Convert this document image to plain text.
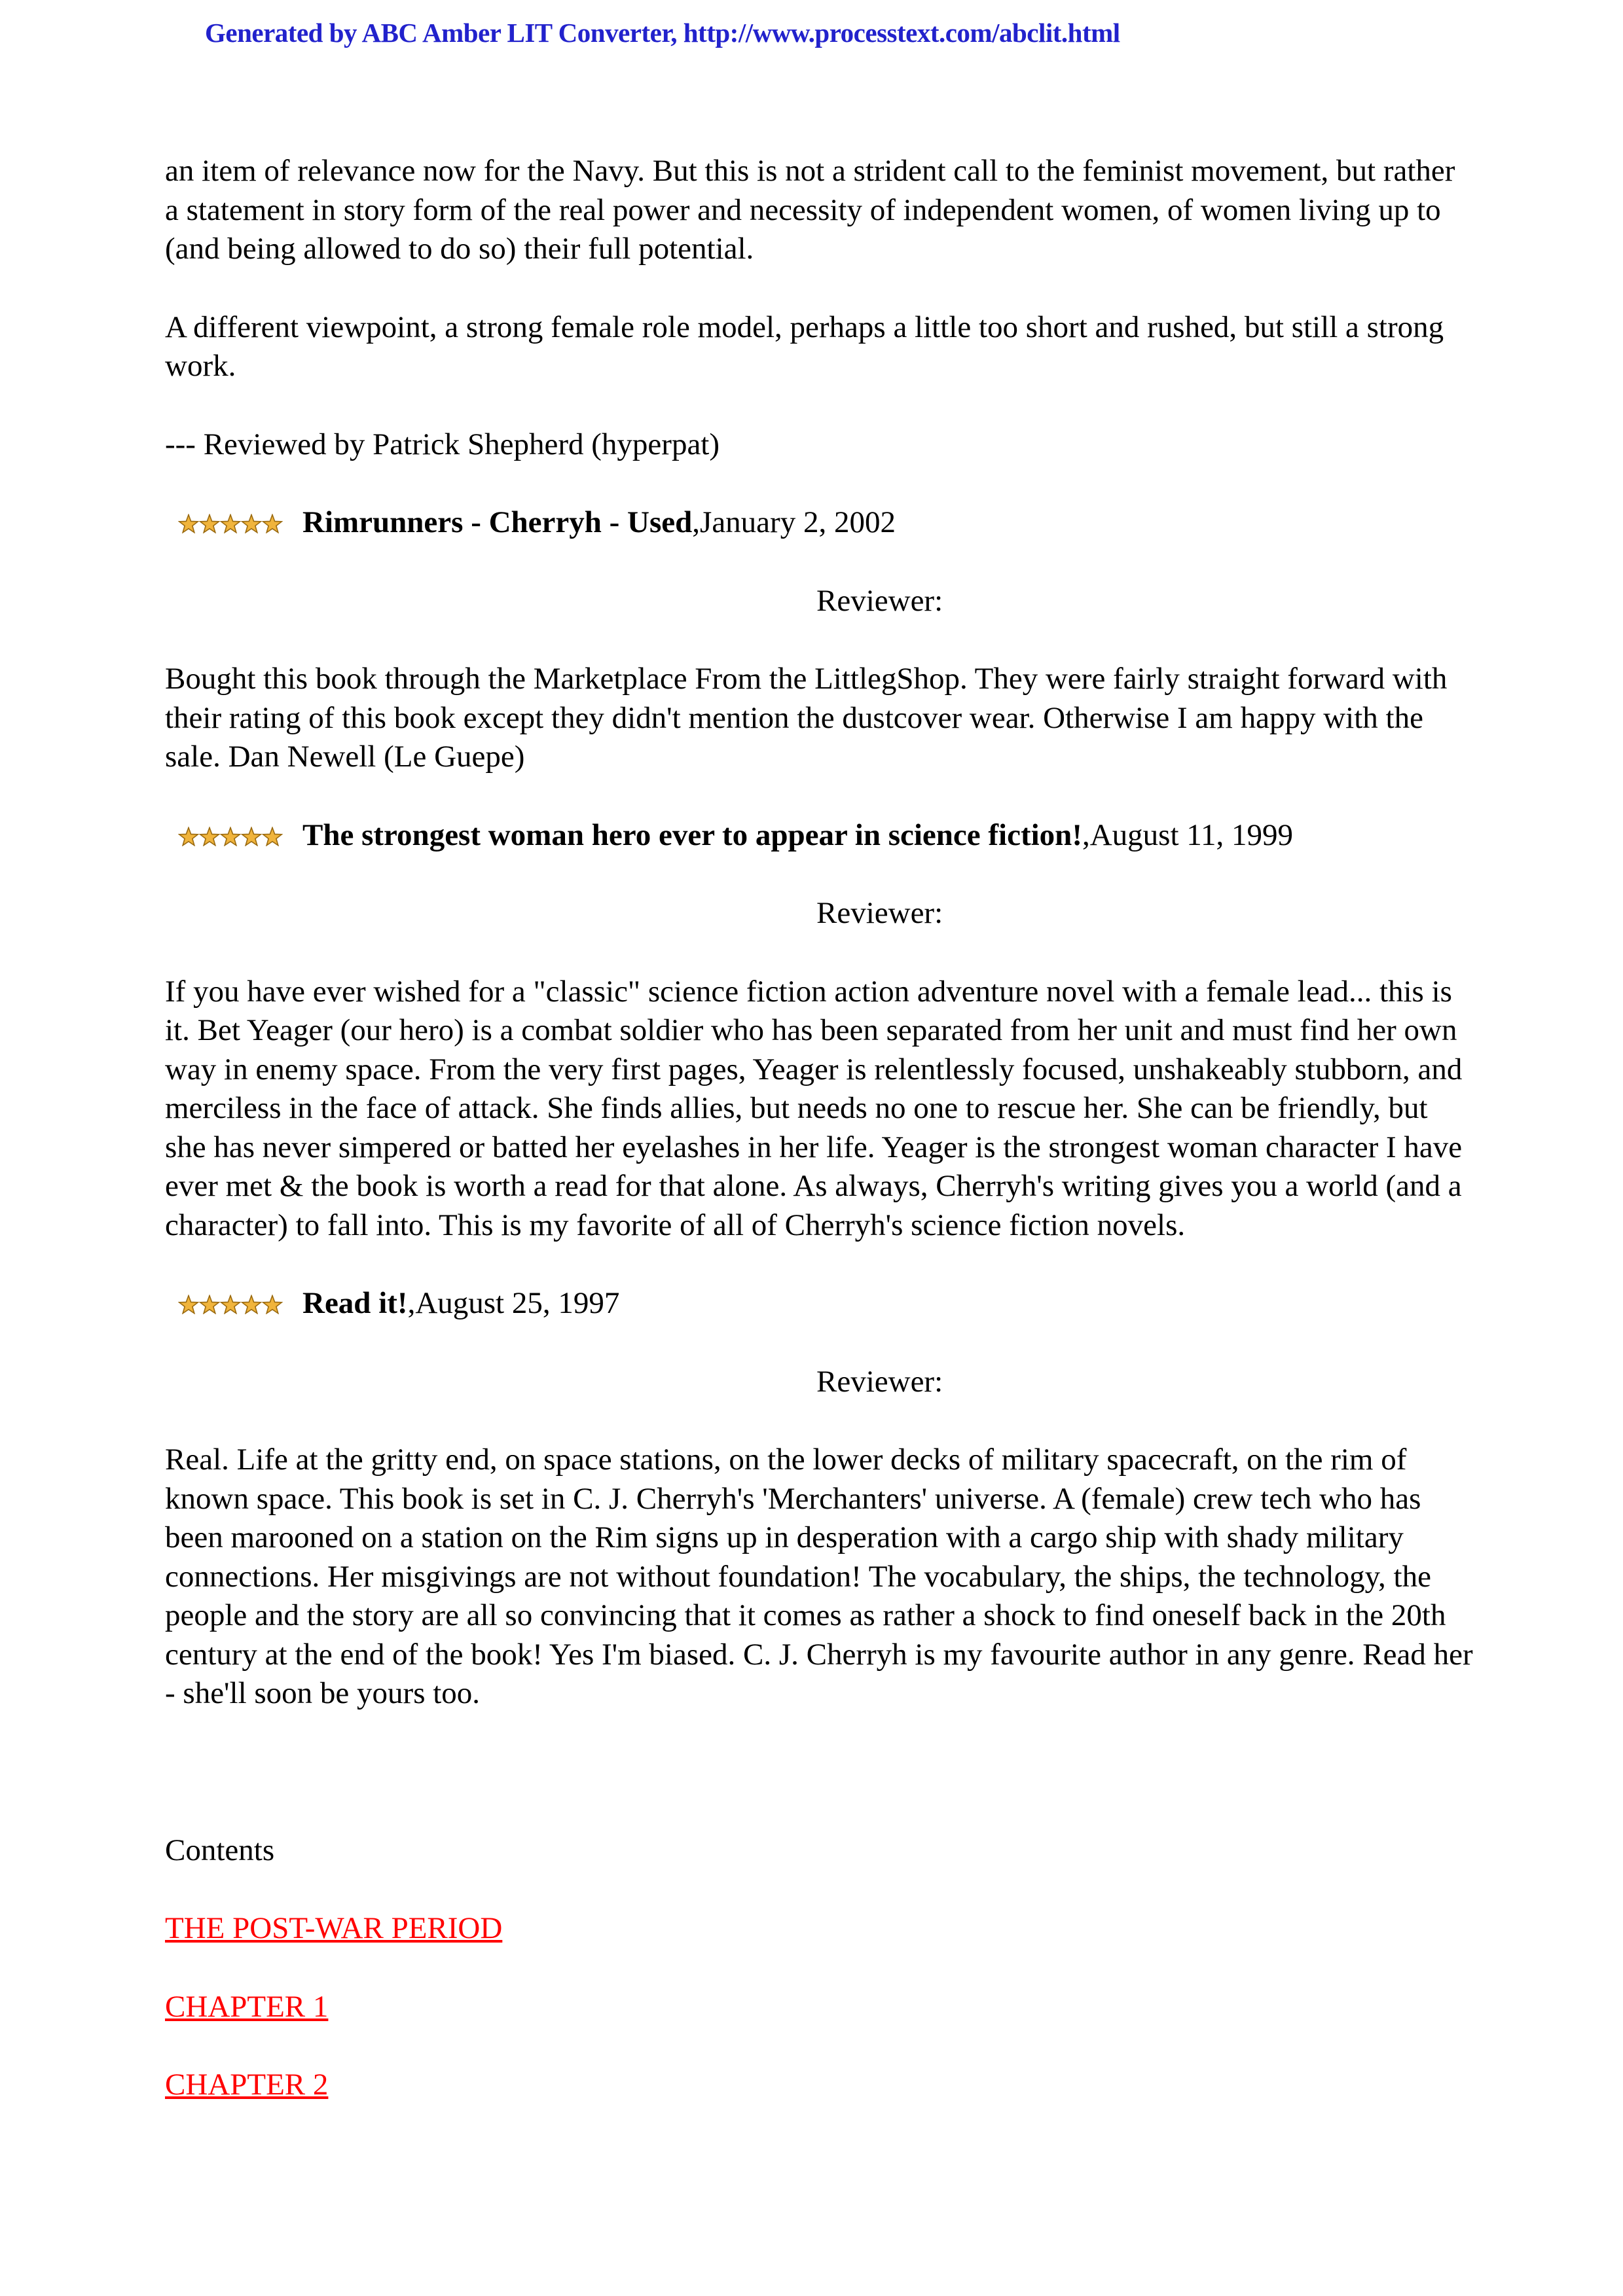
Generated by ABC Amber LIT Converter, http://www.processtext.com/abclit.html

an item of relevance now for the Navy. But this is not a strident call to the feminist movement, but rather a statement in story form of the real power and necessity of independent women, of women living up to (and being allowed to do so) their full potential.

A different viewpoint, a strong female role model, perhaps a little too short and rushed, but still a strong work.

--- Reviewed by Patrick Shepherd (hyperpat)

Rimrunners - Cherryh - Used,January 2, 2002
Reviewer:

Bought this book through the Marketplace From the LittlegShop. They were fairly straight forward with their rating of this book except they didn't mention the dustcover wear. Otherwise I am happy with the sale. Dan Newell (Le Guepe)

The strongest woman hero ever to appear in science fiction!,August 11, 1999
Reviewer:

If you have ever wished for a "classic" science fiction action adventure novel with a female lead... this is it. Bet Yeager (our hero) is a combat soldier who has been separated from her unit and must find her own way in enemy space. From the very first pages, Yeager is relentlessly focused, unshakeably stubborn, and merciless in the face of attack. She finds allies, but needs no one to rescue her. She can be friendly, but she has never simpered or batted her eyelashes in her life. Yeager is the strongest woman character I have ever met & the book is worth a read for that alone. As always, Cherryh's writing gives you a world (and a character) to fall into. This is my favorite of all of Cherryh's science fiction novels.

Read it!,August 25, 1997
Reviewer:

Real. Life at the gritty end, on space stations, on the lower decks of military spacecraft, on the rim of known space. This book is set in C. J. Cherryh's 'Merchanters' universe. A (female) crew tech who has been marooned on a station on the Rim signs up in desperation with a cargo ship with shady military connections. Her misgivings are not without foundation! The vocabulary, the ships, the technology, the people and the story are all so convincing that it comes as rather a shock to find oneself back in the 20th century at the end of the book! Yes I'm biased. C. J. Cherryh is my favourite author in any genre. Read her - she'll soon be yours too.

Contents
THE POST-WAR PERIOD
CHAPTER 1
CHAPTER 2
